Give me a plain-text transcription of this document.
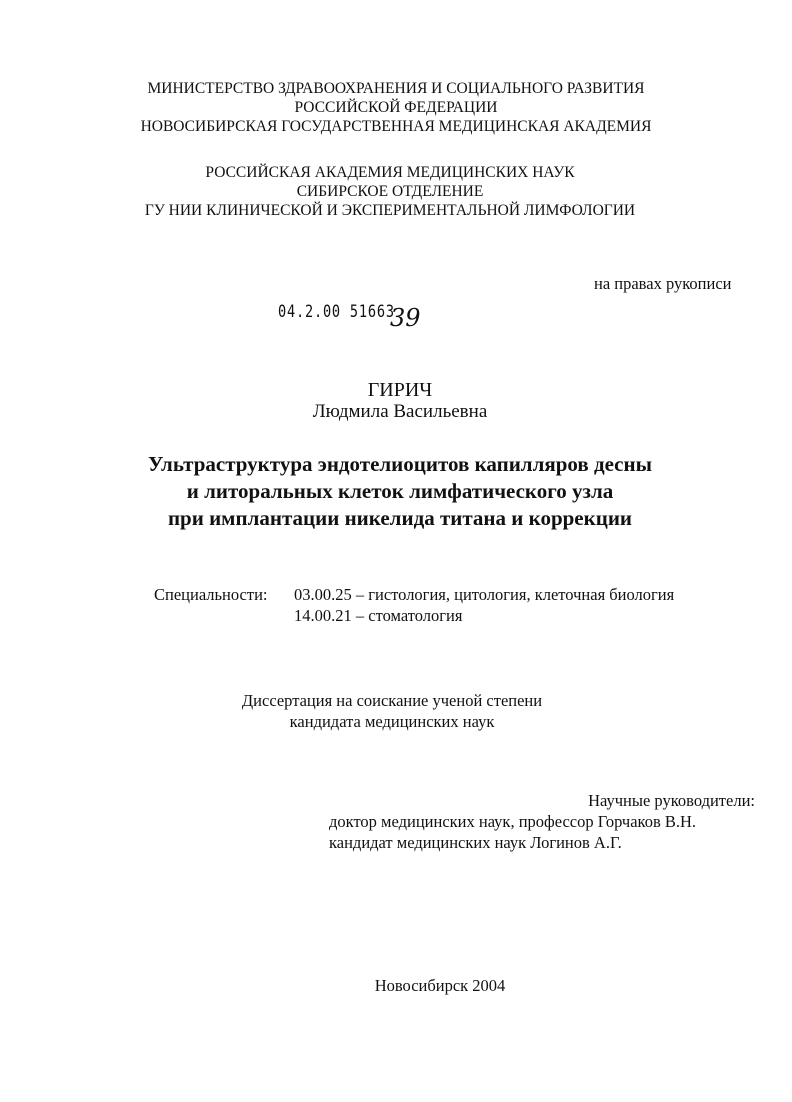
МИНИСТЕРСТВО ЗДРАВООХРАНЕНИЯ И СОЦИАЛЬНОГО РАЗВИТИЯ
РОССИЙСКОЙ ФЕДЕРАЦИИ
НОВОСИБИРСКАЯ ГОСУДАРСТВЕННАЯ МЕДИЦИНСКАЯ АКАДЕМИЯ
РОССИЙСКАЯ АКАДЕМИЯ МЕДИЦИНСКИХ НАУК
СИБИРСКОЕ ОТДЕЛЕНИЕ
ГУ НИИ КЛИНИЧЕСКОЙ И ЭКСПЕРИМЕНТАЛЬНОЙ ЛИМФОЛОГИИ
на правах рукописи
04.2.00 51663
39
ГИРИЧ
Людмила Васильевна
Ультраструктура эндотелиоцитов капилляров десны
и литоральных клеток лимфатического узла
при имплантации никелида титана и коррекции
Специальности: 03.00.25 – гистология, цитология, клеточная биология
14.00.21 – стоматология
Диссертация на соискание ученой степени
кандидата медицинских наук
Научные руководители:
доктор медицинских наук, профессор Горчаков В.Н.
кандидат медицинских наук Логинов А.Г.
Новосибирск 2004
